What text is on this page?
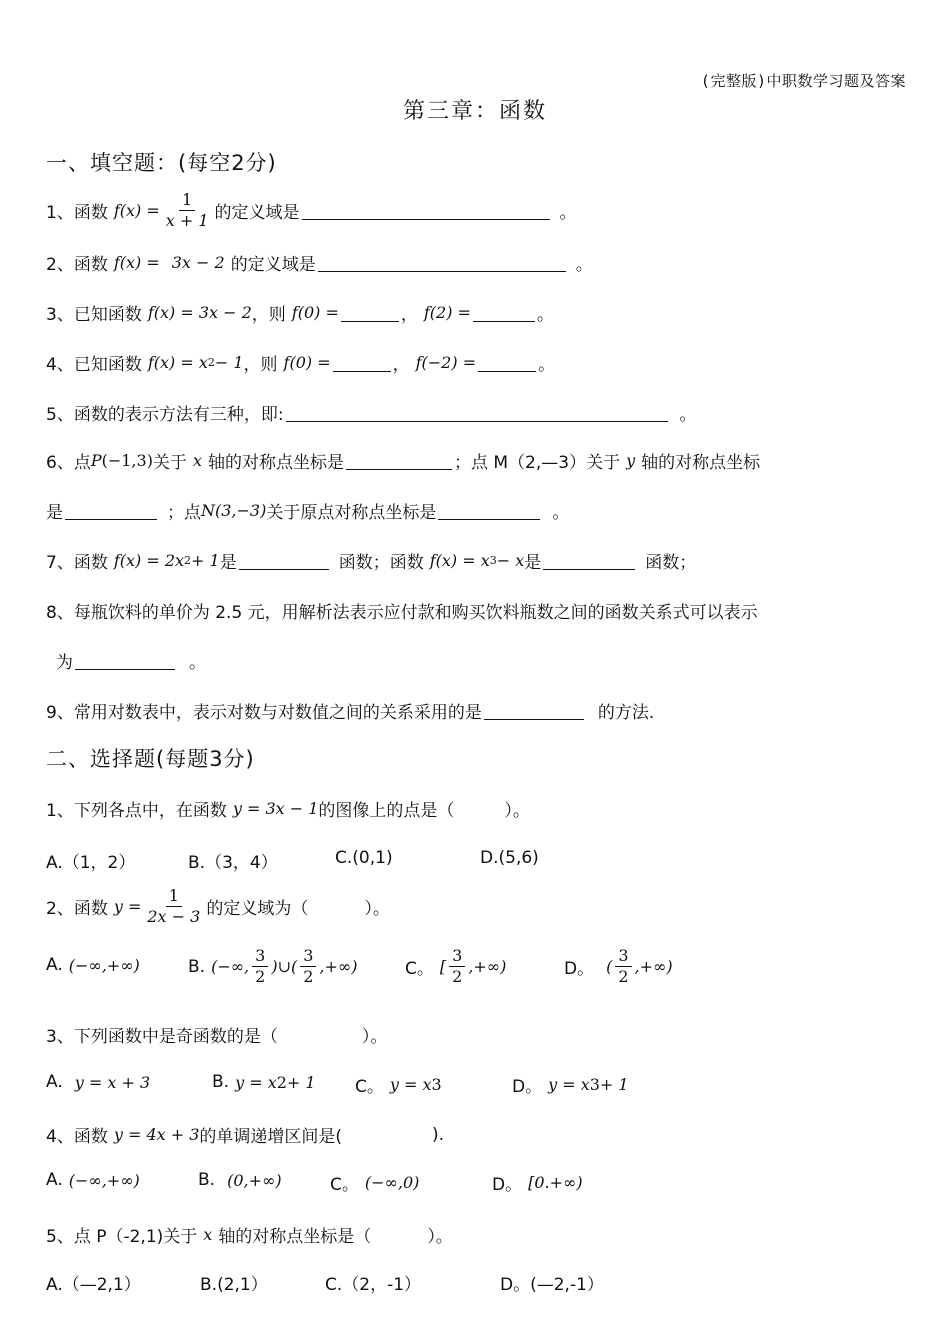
(完整版)中职数学习题及答案
第三章：函数
一、填空题：(每空2分)
1、函数 $f(x) = \frac{1}{x + 1}$ 的定义域是	。
2、函数 f(x) = 3x − 2 的定义域是	。
3、已知函数 f(x) = 3x − 2 ，则 f(0) =	， f(2) =	。
4、已知函数 f(x) = x 2 − 1 ，则 f(0) =	， f(−2) =	。
5、函数的表示方法有三种，即:	。
6、点 P (−1,3) 关于 x 轴的对称点坐标是	；点 M（2,—3）关于 y 轴的对称点坐标
是	；点 N(3,−3) 关于原点对称点坐标是	。
7、函数 f(x) = 2x 2 + 1 是	函数；函数 f(x) = x 3 − x 是	函数；
8、每瓶饮料的单价为 2.5 元，用解析法表示应付款和购买饮料瓶数之间的函数关系式可以表示
为	。
9、常用对数表中，表示对数与对数值之间的关系采用的是	的方法.
二、选择题(每题3分)
1、下列各点中，在函数 y = 3x − 1 的图像上的点是（	）。
A.（1，2）	B.（3，4）	C.(0,1)	D.(5,6)
2、函数 $y = \frac{1}{2x - 3}$ 的定义域为（	）。
A. (−∞,+∞)	B. (−∞, $\frac{3}{2}$ )∪( $\frac{3}{2}$ ,+∞)	C。 [ $\frac{3}{2}$ ,+∞)	D。 ( $\frac{3}{2}$ ,+∞)
3、下列函数中是奇函数的是（	）。
A. y = x + 3	B. y = x 2 + 1 C。 y = x 3	D。 y = x 3 + 1
4、函数 y = 4x + 3 的单调递增区间是(	).
A. (−∞,+∞)	B. (0,+∞)	C。 (−∞,0)	D。 [0.+∞)
5、点 P（-2,1)关于 x 轴的对称点坐标是（	）。
A.（—2,1）	B.(2,1）	C.（2，-1）	D。(—2,-1）
